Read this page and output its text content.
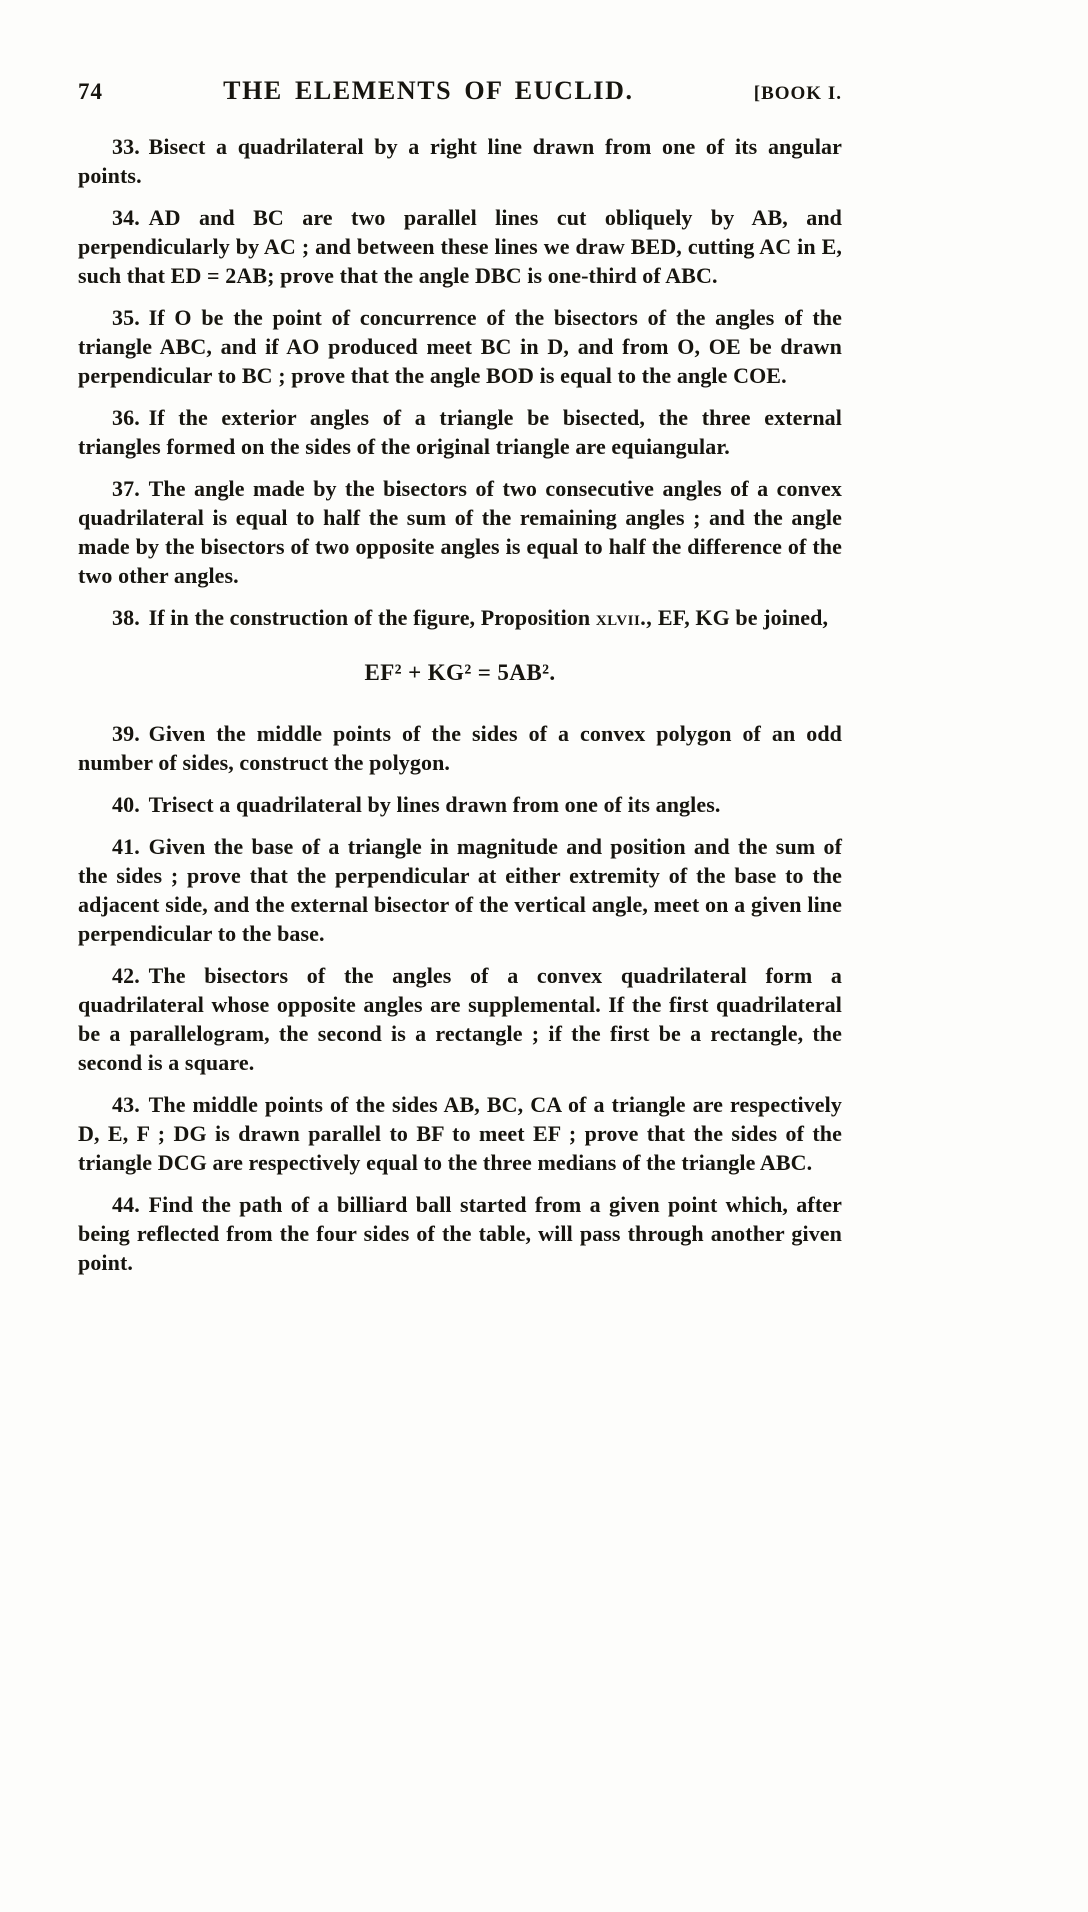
74	THE ELEMENTS OF EUCLID.	[BOOK I.

33. Bisect a quadrilateral by a right line drawn from one of its angular points.

34. AD and BC are two parallel lines cut obliquely by AB, and perpendicularly by AC ; and between these lines we draw BED, cutting AC in E, such that ED = 2AB; prove that the angle DBC is one-third of ABC.

35. If O be the point of concurrence of the bisectors of the angles of the triangle ABC, and if AO produced meet BC in D, and from O, OE be drawn perpendicular to BC ; prove that the angle BOD is equal to the angle COE.

36. If the exterior angles of a triangle be bisected, the three external triangles formed on the sides of the original triangle are equiangular.

37. The angle made by the bisectors of two consecutive angles of a convex quadrilateral is equal to half the sum of the remaining angles ; and the angle made by the bisectors of two opposite angles is equal to half the difference of the two other angles.

38. If in the construction of the figure, Proposition xlvii., EF, KG be joined,

EF² + KG² = 5AB².

39. Given the middle points of the sides of a convex polygon of an odd number of sides, construct the polygon.

40. Trisect a quadrilateral by lines drawn from one of its angles.

41. Given the base of a triangle in magnitude and position and the sum of the sides ; prove that the perpendicular at either extremity of the base to the adjacent side, and the external bisector of the vertical angle, meet on a given line perpendicular to the base.

42. The bisectors of the angles of a convex quadrilateral form a quadrilateral whose opposite angles are supplemental. If the first quadrilateral be a parallelogram, the second is a rectangle ; if the first be a rectangle, the second is a square.

43. The middle points of the sides AB, BC, CA of a triangle are respectively D, E, F ; DG is drawn parallel to BF to meet EF ; prove that the sides of the triangle DCG are respectively equal to the three medians of the triangle ABC.

44. Find the path of a billiard ball started from a given point which, after being reflected from the four sides of the table, will pass through another given point.
